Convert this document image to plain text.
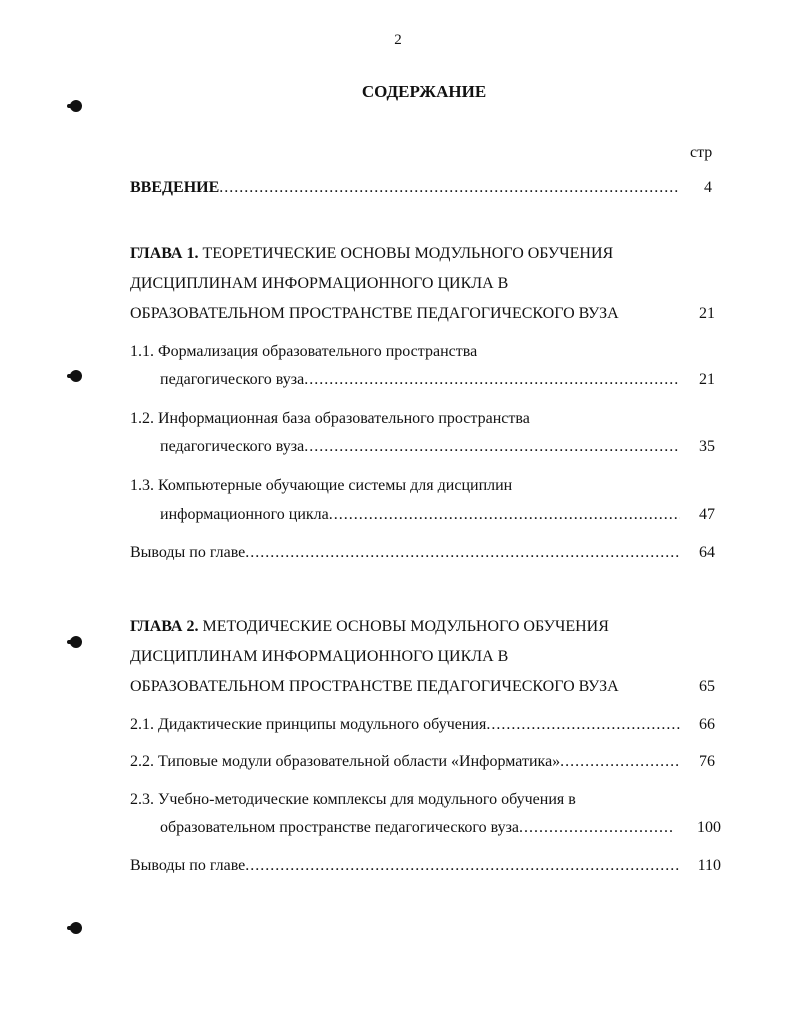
2
СОДЕРЖАНИЕ
стр
ВВЕДЕНИЕ .....	4
ГЛАВА 1. ТЕОРЕТИЧЕСКИЕ ОСНОВЫ МОДУЛЬНОГО ОБУЧЕНИЯ
ДИСЦИПЛИНАМ ИНФОРМАЦИОННОГО ЦИКЛА В
ОБРАЗОВАТЕЛЬНОМ ПРОСТРАНСТВЕ ПЕДАГОГИЧЕСКОГО ВУЗА	21
1.1. Формализация образовательного пространства
педагогического вуза .....	21
1.2. Информационная база образовательного пространства
педагогического вуза .....	35
1.3. Компьютерные обучающие системы для дисциплин
информационного цикла .....	47
Выводы по главе .....	64
ГЛАВА 2. МЕТОДИЧЕСКИЕ ОСНОВЫ МОДУЛЬНОГО ОБУЧЕНИЯ
ДИСЦИПЛИНАМ ИНФОРМАЦИОННОГО ЦИКЛА В
ОБРАЗОВАТЕЛЬНОМ ПРОСТРАНСТВЕ ПЕДАГОГИЧЕСКОГО ВУЗА	65
2.1. Дидактические принципы модульного обучения .....	66
2.2. Типовые модули образовательной области «Информатика» .....	76
2.3. Учебно-методические комплексы для модульного обучения в
образовательном пространстве педагогического вуза .....	100
Выводы по главе .....	110
